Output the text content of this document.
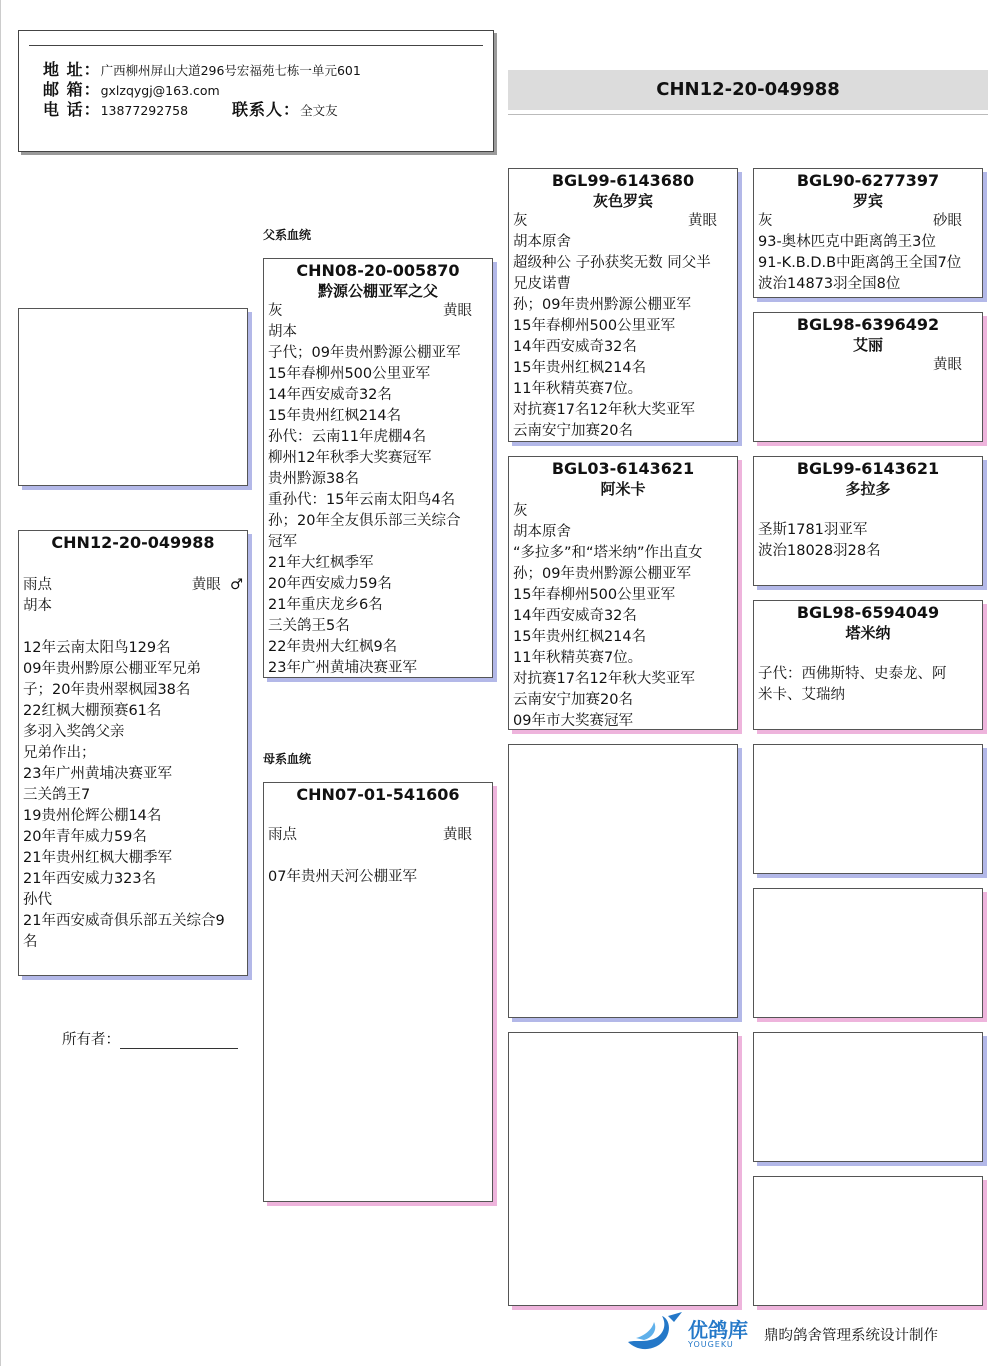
地 址：广西柳州屏山大道296号宏福苑七栋一单元601
邮 箱：gxlzqygj@163.com
电 话：13877292758	联系人：全文友
CHN12-20-049988
父系血统
母系血统
CHN12-20-049988
雨点	黄眼 ♂
胡本
12年云南太阳鸟129名
09年贵州黔原公棚亚军兄弟
子；20年贵州翠枫园38名
22红枫大棚预赛61名
多羽入奖鸽父亲
兄弟作出；
23年广州黄埔决赛亚军
三关鸽王7
19贵州伦辉公棚14名
20年青年威力59名
21年贵州红枫大棚季军
21年西安威力323名
孙代
21年西安威奇俱乐部五关综合9
名
CHN08-20-005870
黔源公棚亚军之父
灰	黄眼
胡本
子代；09年贵州黔源公棚亚军
15年春柳州500公里亚军
14年西安威奇32名
15年贵州红枫214名
孙代：云南11年虎棚4名
柳州12年秋季大奖赛冠军
贵州黔源38名
重孙代：15年云南太阳鸟4名
孙；20年全友俱乐部三关综合
冠军
21年大红枫季军
20年西安威力59名
21年重庆龙乡6名
三关鸽王5名
22年贵州大红枫9名
23年广州黄埔决赛亚军
CHN07-01-541606
雨点	黄眼
07年贵州天河公棚亚军
BGL99-6143680
灰色罗宾
灰	黄眼
胡本原舍
超级种公 子孙获奖无数 同父半
兄皮诺曹
孙；09年贵州黔源公棚亚军
15年春柳州500公里亚军
14年西安威奇32名
15年贵州红枫214名
11年秋精英赛7位。
对抗赛17名12年秋大奖亚军
云南安宁加赛20名
BGL03-6143621
阿米卡
灰
胡本原舍
“多拉多”和“塔米纳”作出直女
孙；09年贵州黔源公棚亚军
15年春柳州500公里亚军
14年西安威奇32名
15年贵州红枫214名
11年秋精英赛7位。
对抗赛17名12年秋大奖亚军
云南安宁加赛20名
09年市大奖赛冠军
BGL90-6277397
罗宾
灰	砂眼
93-奥林匹克中距离鸽王3位
91-K.B.D.B中距离鸽王全国7位
波治14873羽全国8位
BGL98-6396492
艾丽
黄眼
BGL99-6143621
多拉多
圣斯1781羽亚军
波治18028羽28名
BGL98-6594049
塔米纳
子代：西佛斯特、史泰龙、阿
米卡、艾瑞纳
所有者：
优鸽库
YOUGEKU
鼎昀鸽舍管理系统设计制作
